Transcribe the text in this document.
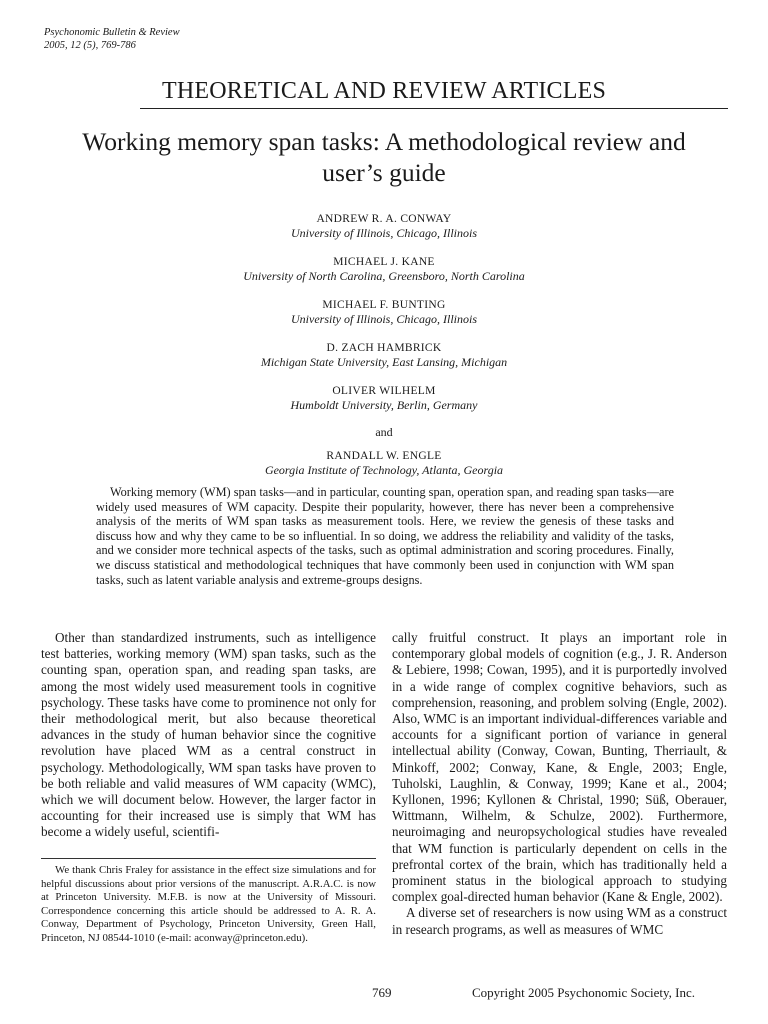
Psychonomic Bulletin & Review
2005, 12 (5), 769-786
THEORETICAL AND REVIEW ARTICLES
Working memory span tasks: A methodological review and user’s guide
ANDREW R. A. CONWAY
University of Illinois, Chicago, Illinois
MICHAEL J. KANE
University of North Carolina, Greensboro, North Carolina
MICHAEL F. BUNTING
University of Illinois, Chicago, Illinois
D. ZACH HAMBRICK
Michigan State University, East Lansing, Michigan
OLIVER WILHELM
Humboldt University, Berlin, Germany
and
RANDALL W. ENGLE
Georgia Institute of Technology, Atlanta, Georgia
Working memory (WM) span tasks—and in particular, counting span, operation span, and reading span tasks—are widely used measures of WM capacity. Despite their popularity, however, there has never been a comprehensive analysis of the merits of WM span tasks as measurement tools. Here, we review the genesis of these tasks and discuss how and why they came to be so influential. In so doing, we address the reliability and validity of the tasks, and we consider more technical aspects of the tasks, such as optimal administration and scoring procedures. Finally, we discuss statistical and methodological techniques that have commonly been used in conjunction with WM span tasks, such as latent variable analysis and extreme-groups designs.

Other than standardized instruments, such as intelligence test batteries, working memory (WM) span tasks, such as the counting span, operation span, and reading span tasks, are among the most widely used measurement tools in cognitive psychology. These tasks have come to prominence not only for their methodological merit, but also because theoretical advances in the study of human behavior since the cognitive revolution have placed WM as a central construct in psychology. Methodologically, WM span tasks have proven to be both reliable and valid measures of WM capacity (WMC), which we will document below. However, the larger factor in accounting for their increased use is simply that WM has become a widely useful, scientifi-

cally fruitful construct. It plays an important role in contemporary global models of cognition (e.g., J. R. Anderson & Lebiere, 1998; Cowan, 1995), and it is purportedly involved in a wide range of complex cognitive behaviors, such as comprehension, reasoning, and problem solving (Engle, 2002). Also, WMC is an important individual-differences variable and accounts for a significant portion of variance in general intellectual ability (Conway, Cowan, Bunting, Therriault, & Minkoff, 2002; Conway, Kane, & Engle, 2003; Engle, Tuholski, Laughlin, & Conway, 1999; Kane et al., 2004; Kyllonen, 1996; Kyllonen & Christal, 1990; Süß, Oberauer, Wittmann, Wilhelm, & Schulze, 2002). Furthermore, neuroimaging and neuropsychological studies have revealed that WM function is particularly dependent on cells in the prefrontal cortex of the brain, which has traditionally held a prominent status in the biological approach to studying complex goal-directed human behavior (Kane & Engle, 2002).

A diverse set of researchers is now using WM as a construct in research programs, as well as measures of WMC

We thank Chris Fraley for assistance in the effect size simulations and for helpful discussions about prior versions of the manuscript. A.R.A.C. is now at Princeton University. M.F.B. is now at the University of Missouri. Correspondence concerning this article should be addressed to A. R. A. Conway, Department of Psychology, Princeton University, Green Hall, Princeton, NJ 08544-1010 (e-mail: aconway@princeton.edu).
769	Copyright 2005 Psychonomic Society, Inc.
